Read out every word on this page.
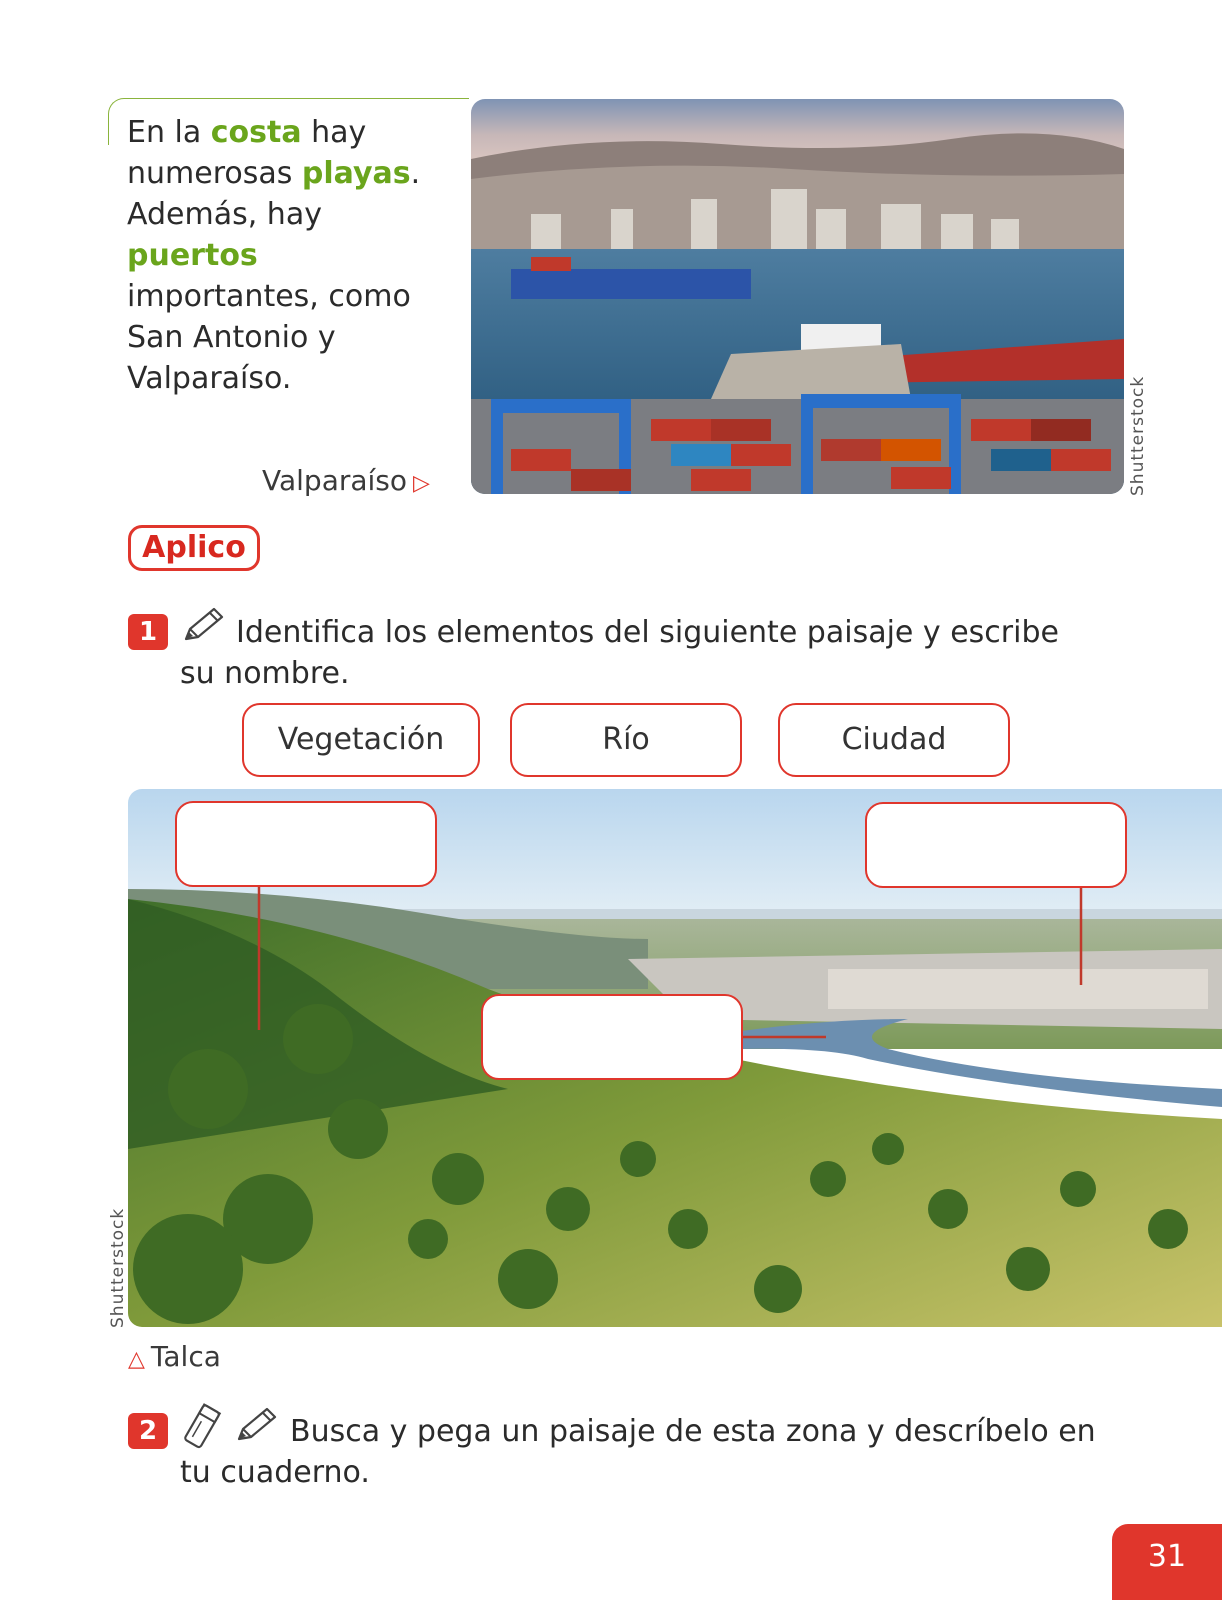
En la costa hay numerosas playas. Además, hay puertos importantes, como San Antonio y Valparaíso.
Valparaíso ▷	Shutterstock
Aplico
1	Identifica los elementos del siguiente paisaje y escribe su nombre.
Vegetación	Río	Ciudad
Shutterstock
△ Talca
2	Busca y pega un paisaje de esta zona y descríbelo en tu cuaderno.
31
